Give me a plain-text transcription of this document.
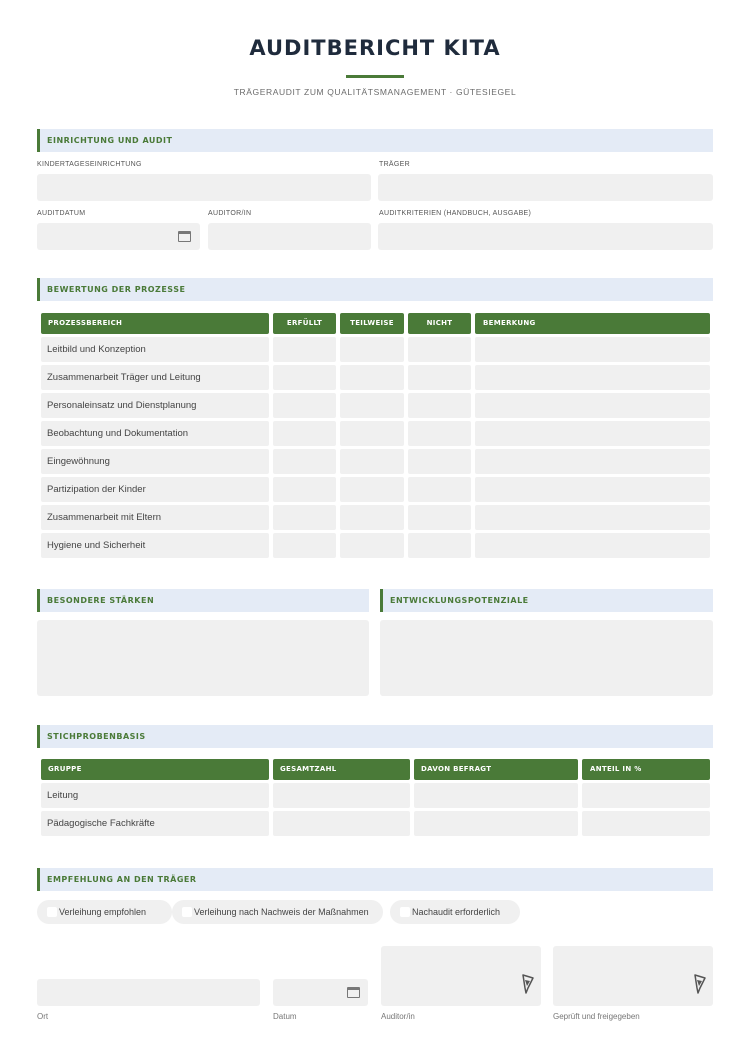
AUDITBERICHT KITA
TRÄGERAUDIT ZUM QUALITÄTSMANAGEMENT · GÜTESIEGEL
EINRICHTUNG UND AUDIT
KINDERTAGESEINRICHTUNG	TRÄGER
AUDITDATUM	AUDITOR/IN	AUDITKRITERIEN (HANDBUCH, AUSGABE)
BEWERTUNG DER PROZESSE
PROZESSBEREICH	ERFÜLLT	TEILWEISE	NICHT	BEMERKUNG
Leitbild und Konzeption
Zusammenarbeit Träger und Leitung
Personaleinsatz und Dienstplanung
Beobachtung und Dokumentation
Eingewöhnung
Partizipation der Kinder
Zusammenarbeit mit Eltern
Hygiene und Sicherheit
BESONDERE STÄRKEN	ENTWICKLUNGSPOTENZIALE
STICHPROBENBASIS
GRUPPE	GESAMTZAHL	DAVON BEFRAGT	ANTEIL IN %
Leitung
Pädagogische Fachkräfte
EMPFEHLUNG AN DEN TRÄGER
Verleihung empfohlen	Verleihung nach Nachweis der Maßnahmen	Nachaudit erforderlich
Ort	Datum	Auditor/in	Geprüft und freigegeben
